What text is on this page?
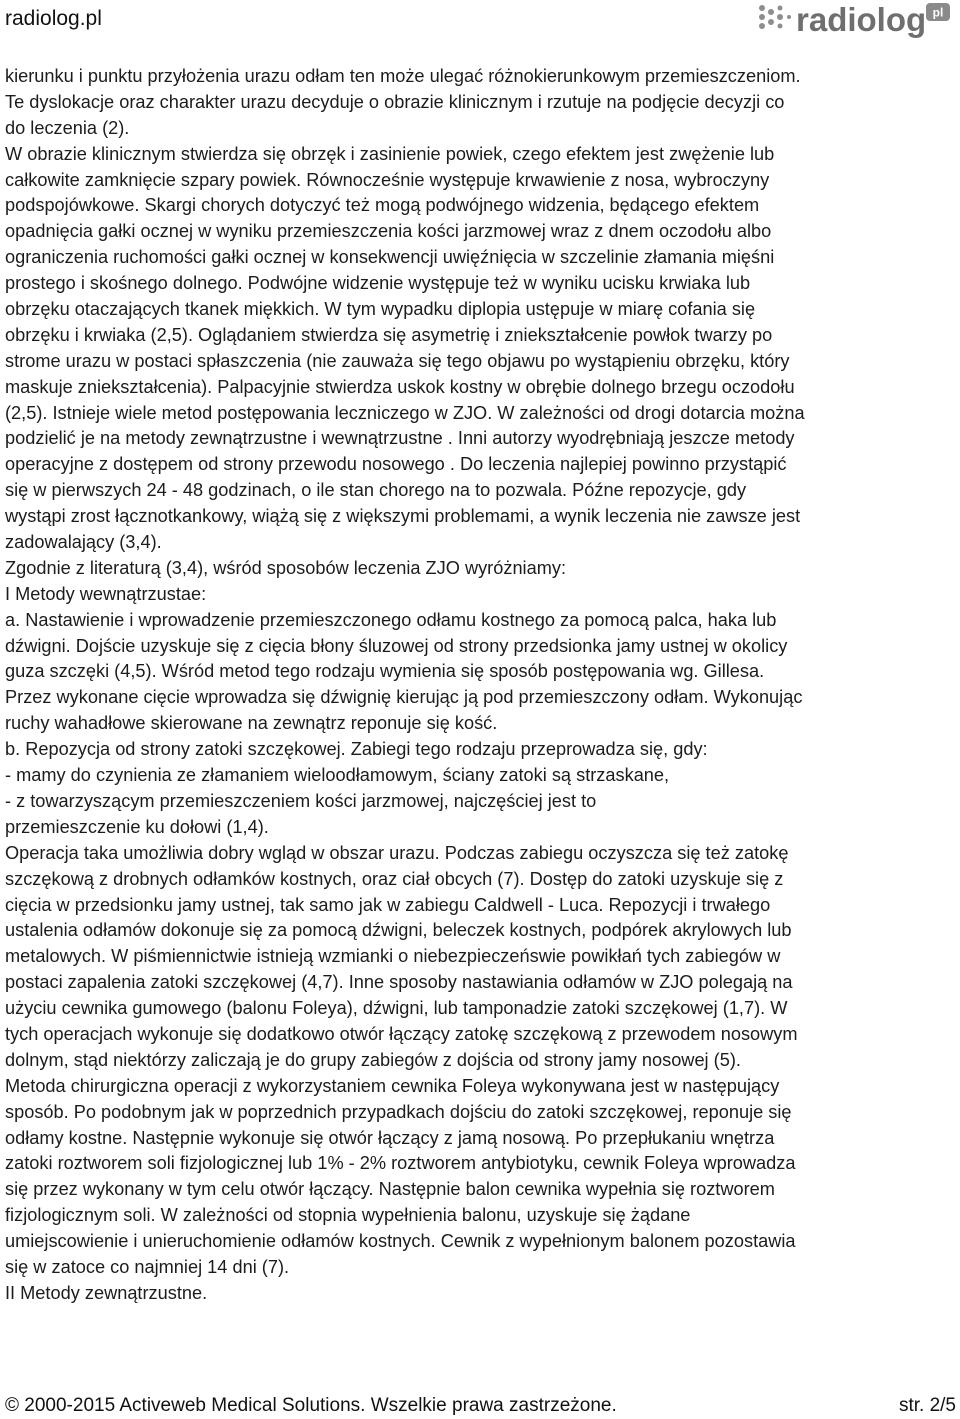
radiolog.pl	radiolog pl
kierunku i punktu przyłożenia urazu odłam ten może ulegać różnokierunkowym przemieszczeniom.
Te dyslokacje oraz charakter urazu decyduje o obrazie klinicznym i rzutuje na podjęcie decyzji co
do leczenia (2).
W obrazie klinicznym stwierdza się obrzęk i zasinienie powiek, czego efektem jest zwężenie lub
całkowite zamknięcie szpary powiek. Równocześnie występuje krwawienie z nosa, wybroczyny
podspojówkowe. Skargi chorych dotyczyć też mogą podwójnego widzenia, będącego efektem
opadnięcia gałki ocznej w wyniku przemieszczenia kości jarzmowej wraz z dnem oczodołu albo
ograniczenia ruchomości gałki ocznej w konsekwencji uwięźnięcia w szczelinie złamania mięśni
prostego i skośnego dolnego. Podwójne widzenie występuje też w wyniku ucisku krwiaka lub
obrzęku otaczających tkanek miękkich. W tym wypadku diplopia ustępuje w miarę cofania się
obrzęku i krwiaka (2,5). Oglądaniem stwierdza się asymetrię i zniekształcenie powłok twarzy po
strome urazu w postaci spłaszczenia (nie zauważa się tego objawu po wystąpieniu obrzęku, który
maskuje zniekształcenia). Palpacyjnie stwierdza uskok kostny w obrębie dolnego brzegu oczodołu
(2,5). Istnieje wiele metod postępowania leczniczego w ZJO. W zależności od drogi dotarcia można
podzielić je na metody zewnątrzustne i wewnątrzustne . Inni autorzy wyodrębniają jeszcze metody
operacyjne z dostępem od strony przewodu nosowego . Do leczenia najlepiej powinno przystąpić
się w pierwszych 24 - 48 godzinach, o ile stan chorego na to pozwala. Późne repozycje, gdy
wystąpi zrost łącznotkankowy, wiążą się z większymi problemami, a wynik leczenia nie zawsze jest
zadowalający (3,4).
Zgodnie z literaturą (3,4), wśród sposobów leczenia ZJO wyróżniamy:
I Metody wewnątrzustae:
a. Nastawienie i wprowadzenie przemieszczonego odłamu kostnego za pomocą palca, haka lub
dźwigni. Dojście uzyskuje się z cięcia błony śluzowej od strony przedsionka jamy ustnej w okolicy
guza szczęki (4,5). Wśród metod tego rodzaju wymienia się sposób postępowania wg. Gillesa.
Przez wykonane cięcie wprowadza się dźwignię kierując ją pod przemieszczony odłam. Wykonując
ruchy wahadłowe skierowane na zewnątrz reponuje się kość.
b. Repozycja od strony zatoki szczękowej. Zabiegi tego rodzaju przeprowadza się, gdy:
- mamy do czynienia ze złamaniem wieloodłamowym, ściany zatoki są strzaskane,
- z towarzyszącym przemieszczeniem kości jarzmowej, najczęściej jest to
przemieszczenie ku dołowi (1,4).
Operacja taka umożliwia dobry wgląd w obszar urazu. Podczas zabiegu oczyszcza się też zatokę
szczękową z drobnych odłamków kostnych, oraz ciał obcych (7). Dostęp do zatoki uzyskuje się z
cięcia w przedsionku jamy ustnej, tak samo jak w zabiegu Caldwell - Luca. Repozycji i trwałego
ustalenia odłamów dokonuje się za pomocą dźwigni, beleczek kostnych, podpórek akrylowych lub
metalowych. W piśmiennictwie istnieją wzmianki o niebezpieczeńswie powikłań tych zabiegów w
postaci zapalenia zatoki szczękowej (4,7). Inne sposoby nastawiania odłamów w ZJO polegają na
użyciu cewnika gumowego (balonu Foleya), dźwigni, lub tamponadzie zatoki szczękowej (1,7). W
tych operacjach wykonuje się dodatkowo otwór łączący zatokę szczękową z przewodem nosowym
dolnym, stąd niektórzy zaliczają je do grupy zabiegów z dojścia od strony jamy nosowej (5).
Metoda chirurgiczna operacji z wykorzystaniem cewnika Foleya wykonywana jest w następujący
sposób. Po podobnym jak w poprzednich przypadkach dojściu do zatoki szczękowej, reponuje się
odłamy kostne. Następnie wykonuje się otwór łączący z jamą nosową. Po przepłukaniu wnętrza
zatoki roztworem soli fizjologicznej lub 1% - 2% roztworem antybiotyku, cewnik Foleya wprowadza
się przez wykonany w tym celu otwór łączący. Następnie balon cewnika wypełnia się roztworem
fizjologicznym soli. W zależności od stopnia wypełnienia balonu, uzyskuje się żądane
umiejscowienie i unieruchomienie odłamów kostnych. Cewnik z wypełnionym balonem pozostawia
się w zatoce co najmniej 14 dni (7).
II Metody zewnątrzustne.
© 2000-2015 Activeweb Medical Solutions. Wszelkie prawa zastrzeżone.	str. 2/5
